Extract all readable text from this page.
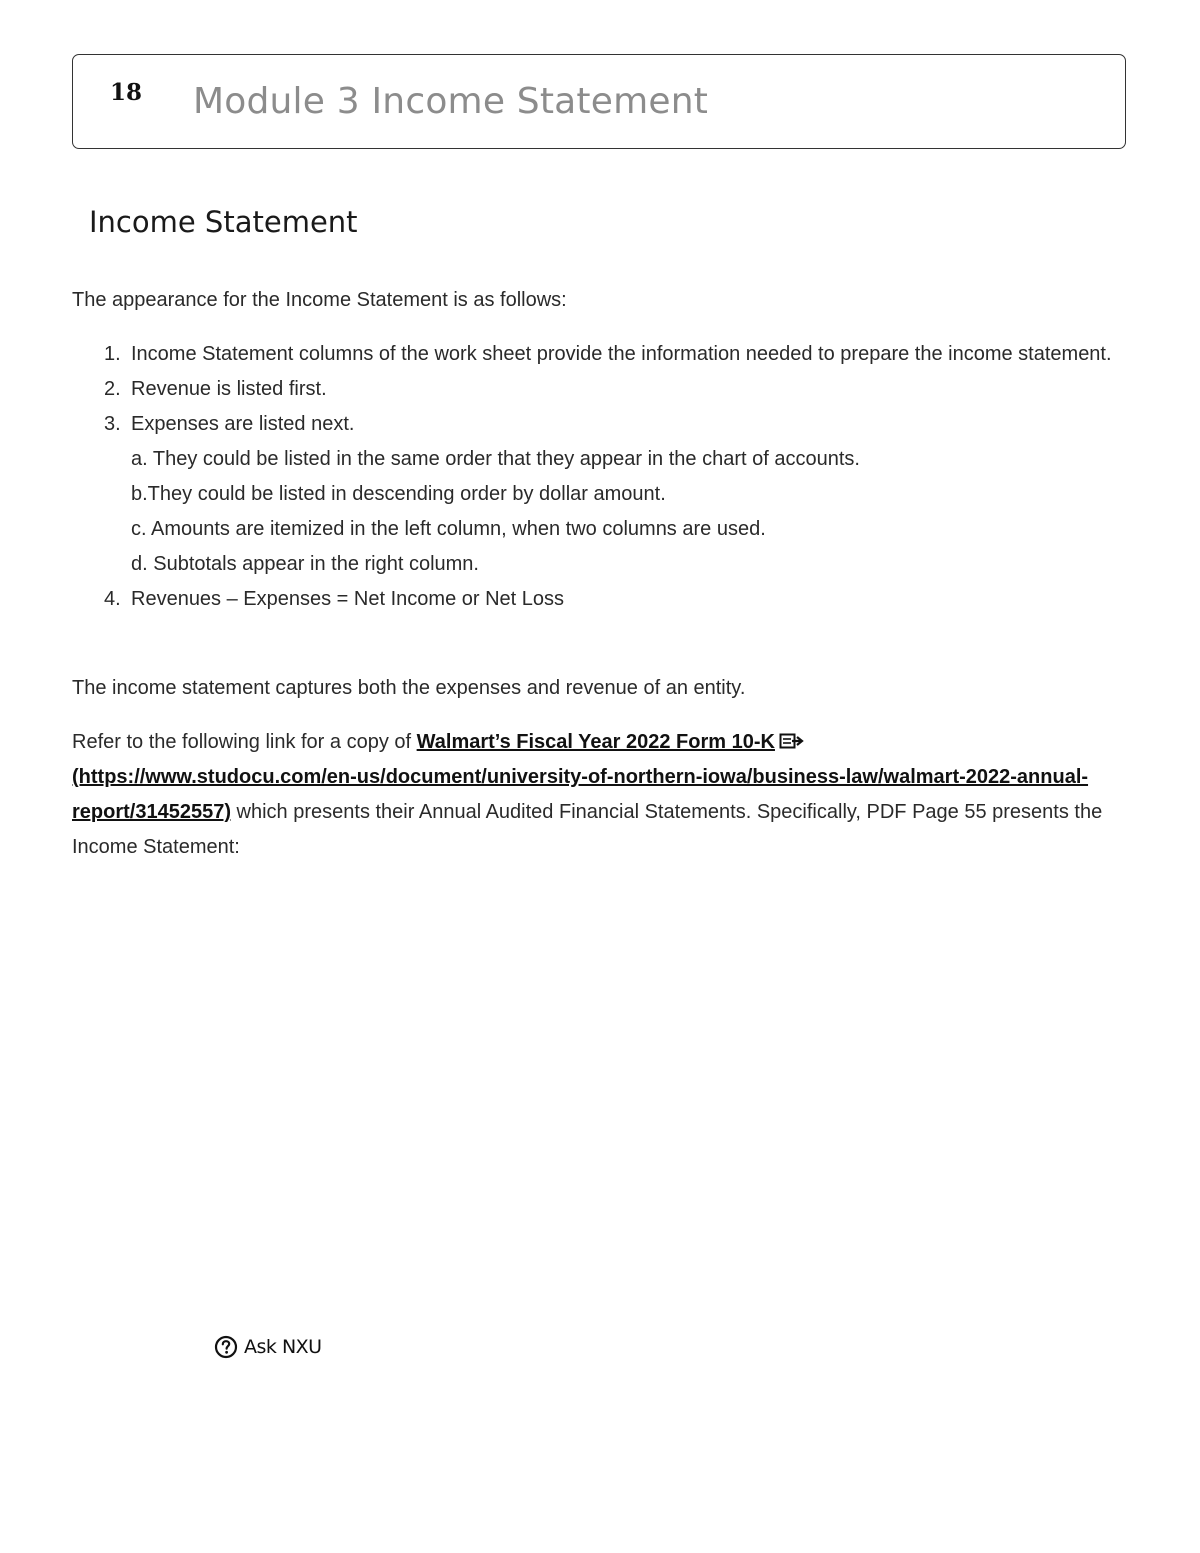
18 Module 3 Income Statement
Income Statement

The appearance for the Income Statement is as follows:

1. Income Statement columns of the work sheet provide the information needed to prepare the income statement.
2. Revenue is listed first.
3. Expenses are listed next.
a. They could be listed in the same order that they appear in the chart of accounts.
b.They could be listed in descending order by dollar amount.
c. Amounts are itemized in the left column, when two columns are used.
d. Subtotals appear in the right column.
4. Revenues – Expenses = Net Income or Net Loss

The income statement captures both the expenses and revenue of an entity.

Refer to the following link for a copy of Walmart’s Fiscal Year 2022 Form 10-K
(https://www.studocu.com/en-us/document/university-of-northern-iowa/business-law/walmart-2022-annual-report/31452557) which presents their Annual Audited Financial Statements. Specifically, PDF Page 55 presents the Income Statement:

Ask NXU
